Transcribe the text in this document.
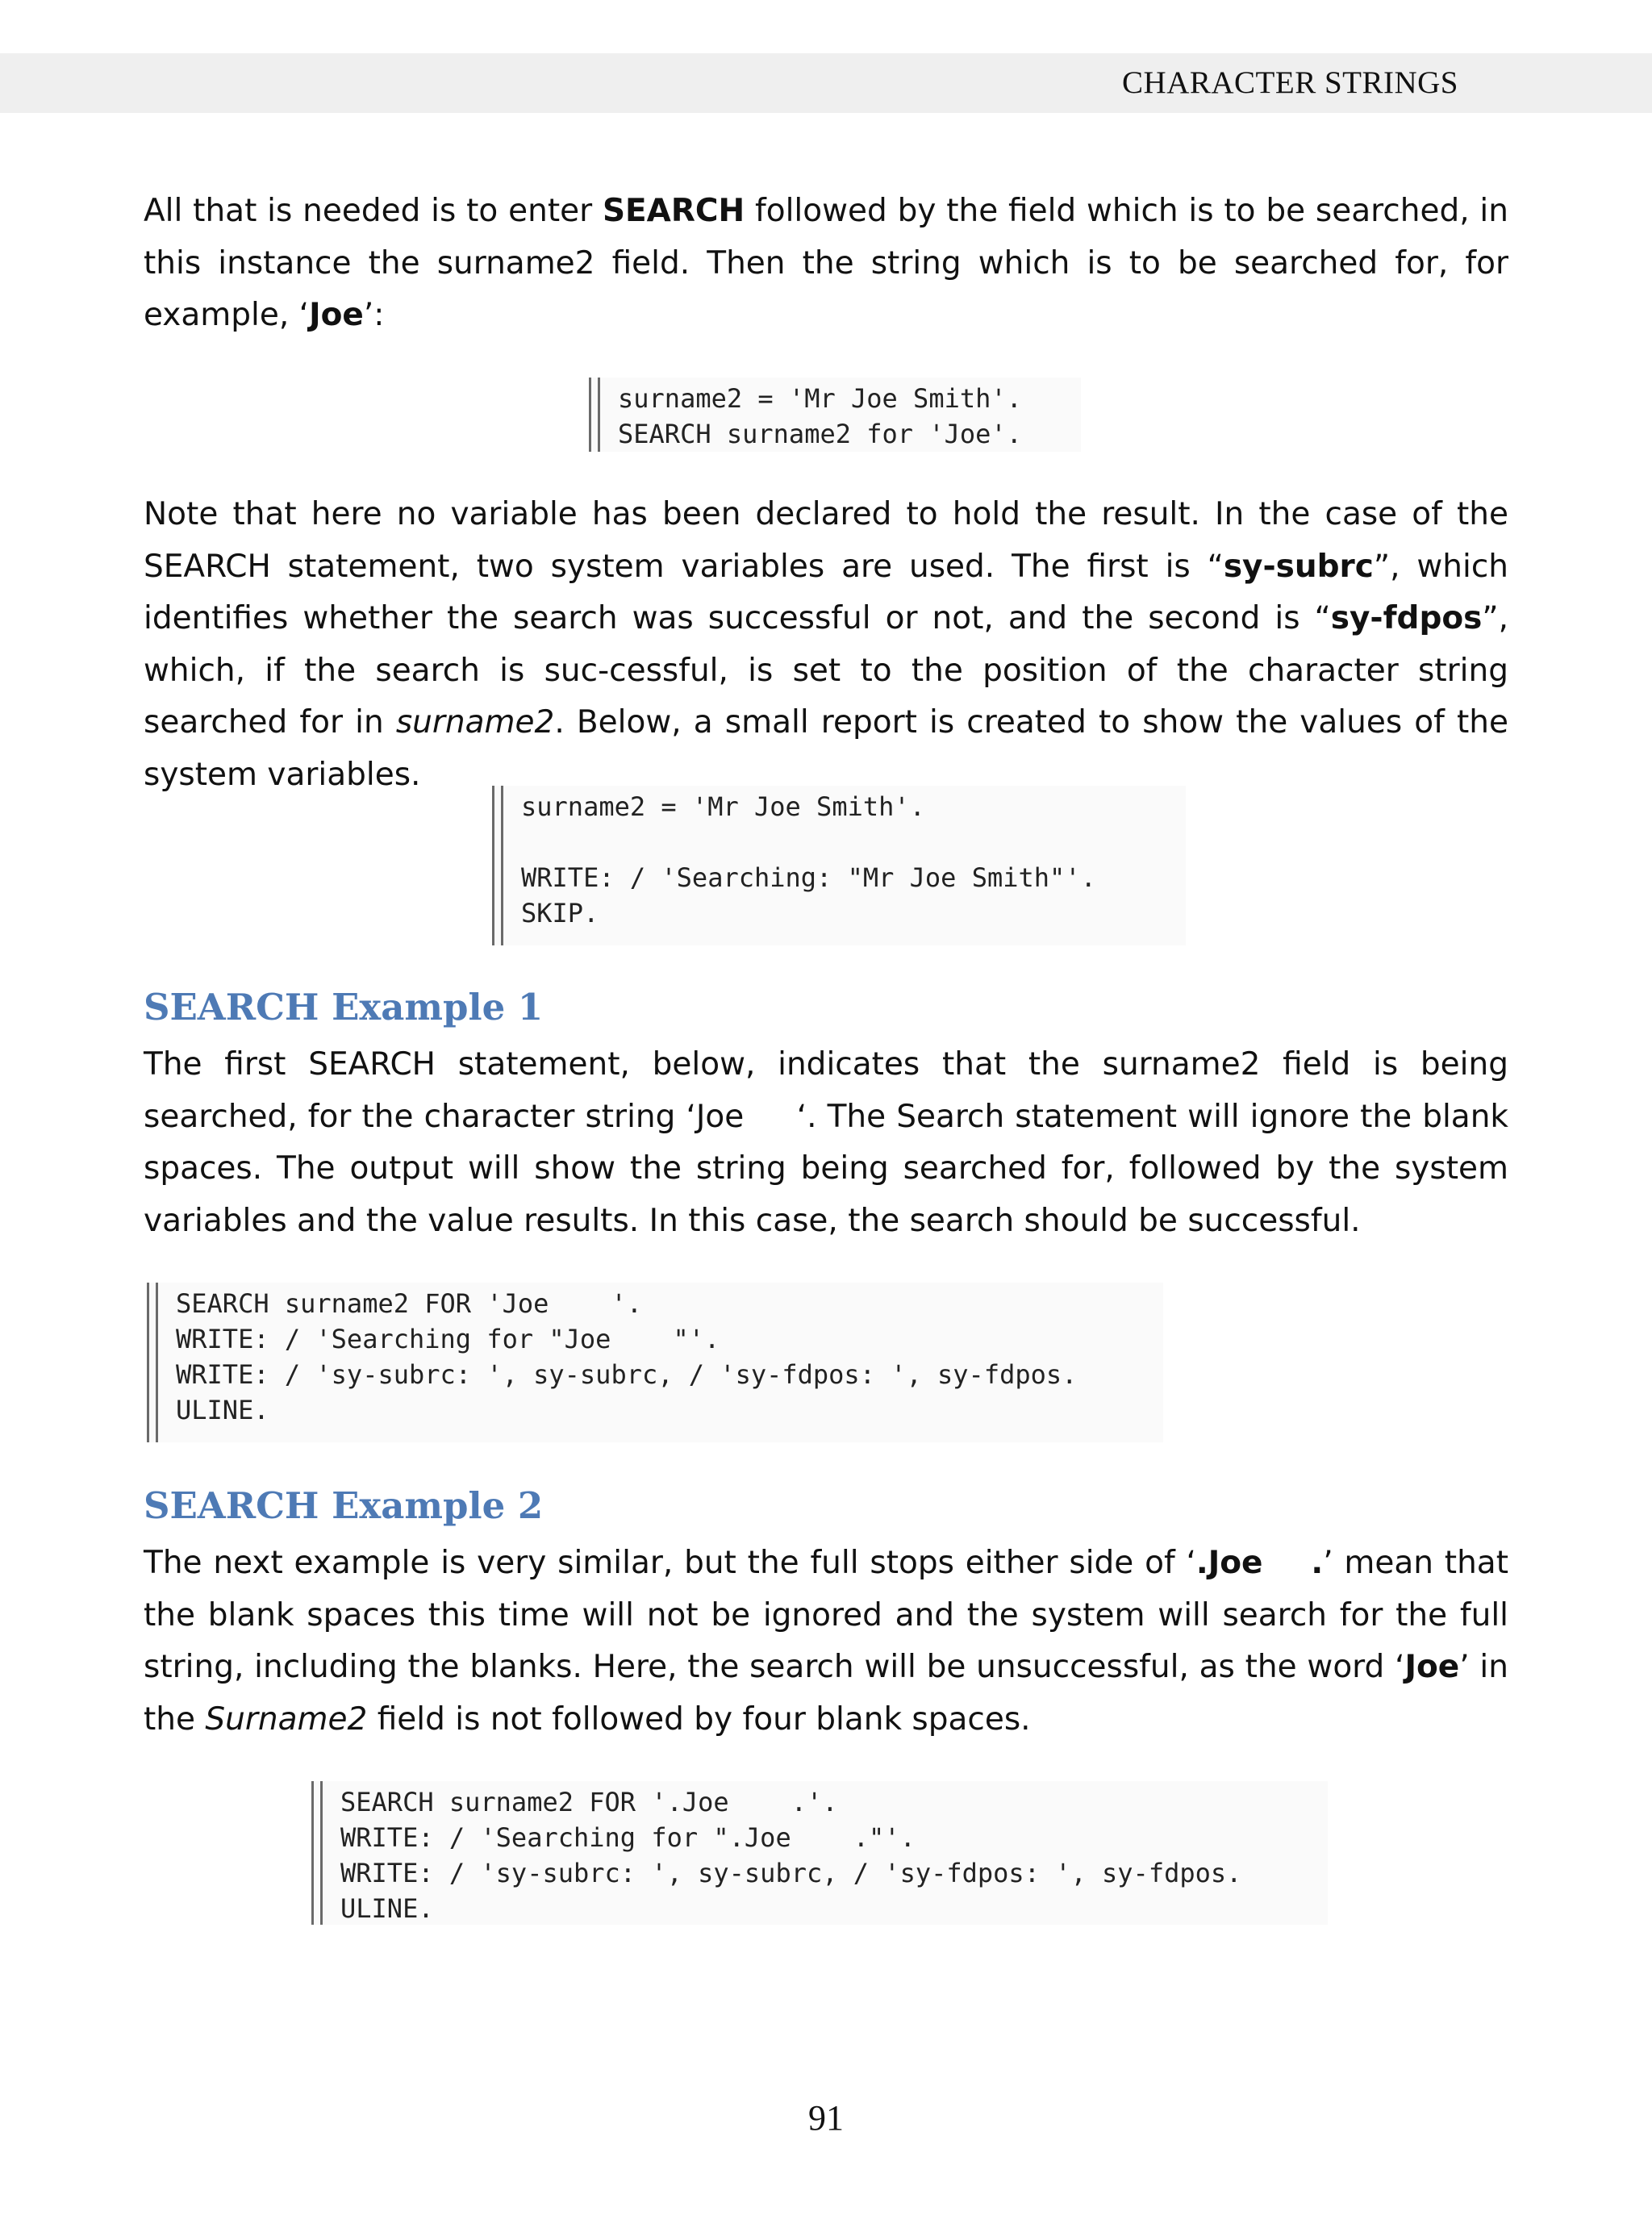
CHARACTER STRINGS

All that is needed is to enter SEARCH followed by the field which is to be searched, in this instance the surname2 field. Then the string which is to be searched for, for example, ‘Joe’:

surname2 = 'Mr Joe Smith'.
SEARCH surname2 for 'Joe'.

Note that here no variable has been declared to hold the result. In the case of the SEARCH statement, two system variables are used. The first is “sy-subrc”, which identifies whether the search was successful or not, and the second is “sy-fdpos”, which, if the search is suc-cessful, is set to the position of the character string searched for in surname2. Below, a small report is created to show the values of the system variables.

surname2 = 'Mr Joe Smith'.
WRITE: / 'Searching: "Mr Joe Smith"'.
SKIP.
SEARCH Example 1

The first SEARCH statement, below, indicates that the surname2 field is being searched, for the character string ‘Joe     ‘. The Search statement will ignore the blank spaces. The output will show the string being searched for, followed by the system variables and the value results. In this case, the search should be successful.

SEARCH surname2 FOR 'Joe    '.
WRITE: / 'Searching for "Joe    "'.
WRITE: / 'sy-subrc: ', sy-subrc, / 'sy-fdpos: ', sy-fdpos.
ULINE.
SEARCH Example 2

The next example is very similar, but the full stops either side of ‘.Joe    .’ mean that the blank spaces this time will not be ignored and the system will search for the full string, including the blanks. Here, the search will be unsuccessful, as the word ‘Joe’ in the Surname2 field is not followed by four blank spaces.

SEARCH surname2 FOR '.Joe    .'.
WRITE: / 'Searching for ".Joe    ."'.
WRITE: / 'sy-subrc: ', sy-subrc, / 'sy-fdpos: ', sy-fdpos.
ULINE.
91
